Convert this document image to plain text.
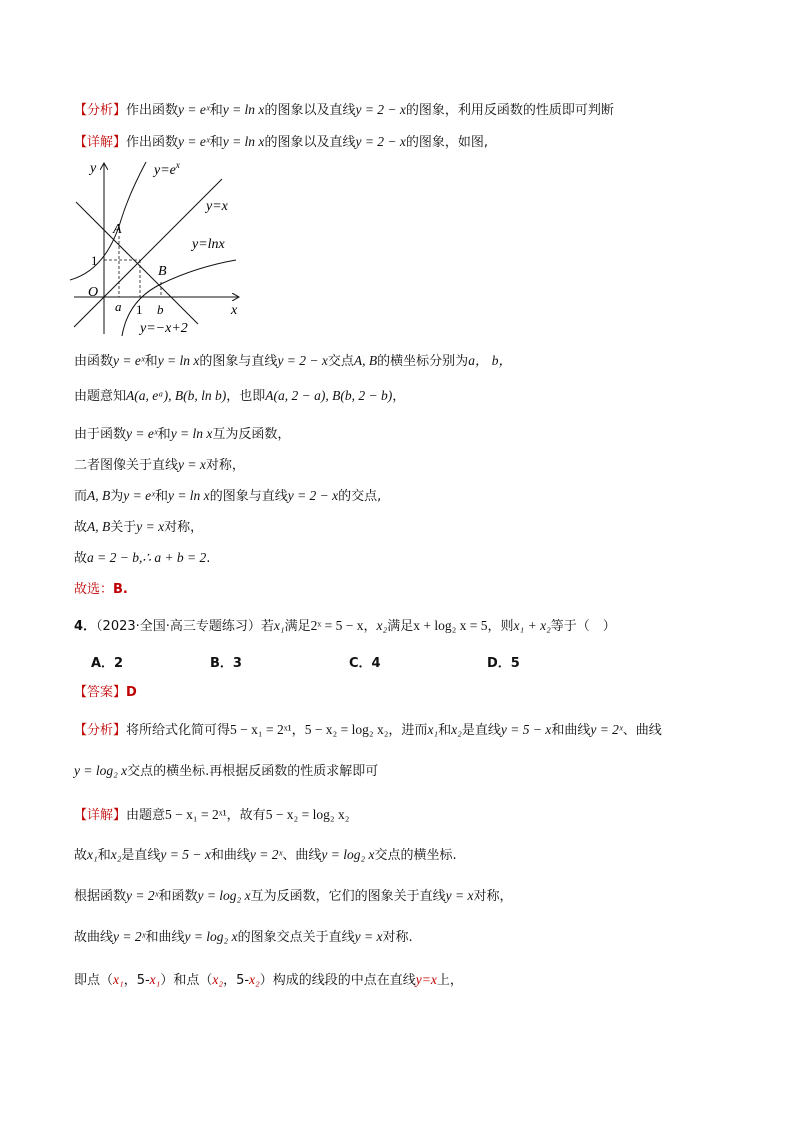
【分析】作出函数y = eˣ和y = ln x的图象以及直线y = 2 − x的图象，利用反函数的性质即可判断
【详解】作出函数y = eˣ和y = ln x的图象以及直线y = 2 − x的图象，如图,
y
x
O
$y=e^x$
y=x
y=lnx
y=−x+2
A
B
1
1
a	b
由函数y = eˣ和y = ln x的图象与直线y = 2 − x交点A, B的横坐标分别为a， b，
由题意知A(a, eᵃ), B(b, ln b)，也即A(a, 2 − a), B(b, 2 − b)，
由于函数y = eˣ和y = ln x互为反函数，
二者图像关于直线y = x对称，
而A, B为y = eˣ和y = ln x的图象与直线y = 2 − x的交点,
故A, B关于y = x对称，
故a = 2 − b,∴ a + b = 2.
故选：B.
4．（2023·全国·高三专题练习）若x₁满足2ˣ = 5 − x，x₂满足x + log₂ x = 5，则x₁ + x₂等于（　）
A．2	B．3	C．4	D．5
【答案】D
【分析】将所给式化简可得5 − x₁ = 2ˣ¹，5 − x₂ = log₂ x₂，进而x₁和x₂是直线y = 5 − x和曲线y = 2ˣ、曲线
y = log₂ x交点的横坐标.再根据反函数的性质求解即可
【详解】由题意5 − x₁ = 2ˣ¹，故有5 − x₂ = log₂ x₂
故x₁和x₂是直线y = 5 − x和曲线y = 2ˣ、曲线y = log₂ x交点的横坐标.
根据函数y = 2ˣ和函数y = log₂ x互为反函数，它们的图象关于直线y = x对称，
故曲线y = 2ˣ和曲线y = log₂ x的图象交点关于直线y = x对称.
即点（x₁，5-x₁）和点（x₂，5-x₂）构成的线段的中点在直线y=x上，
